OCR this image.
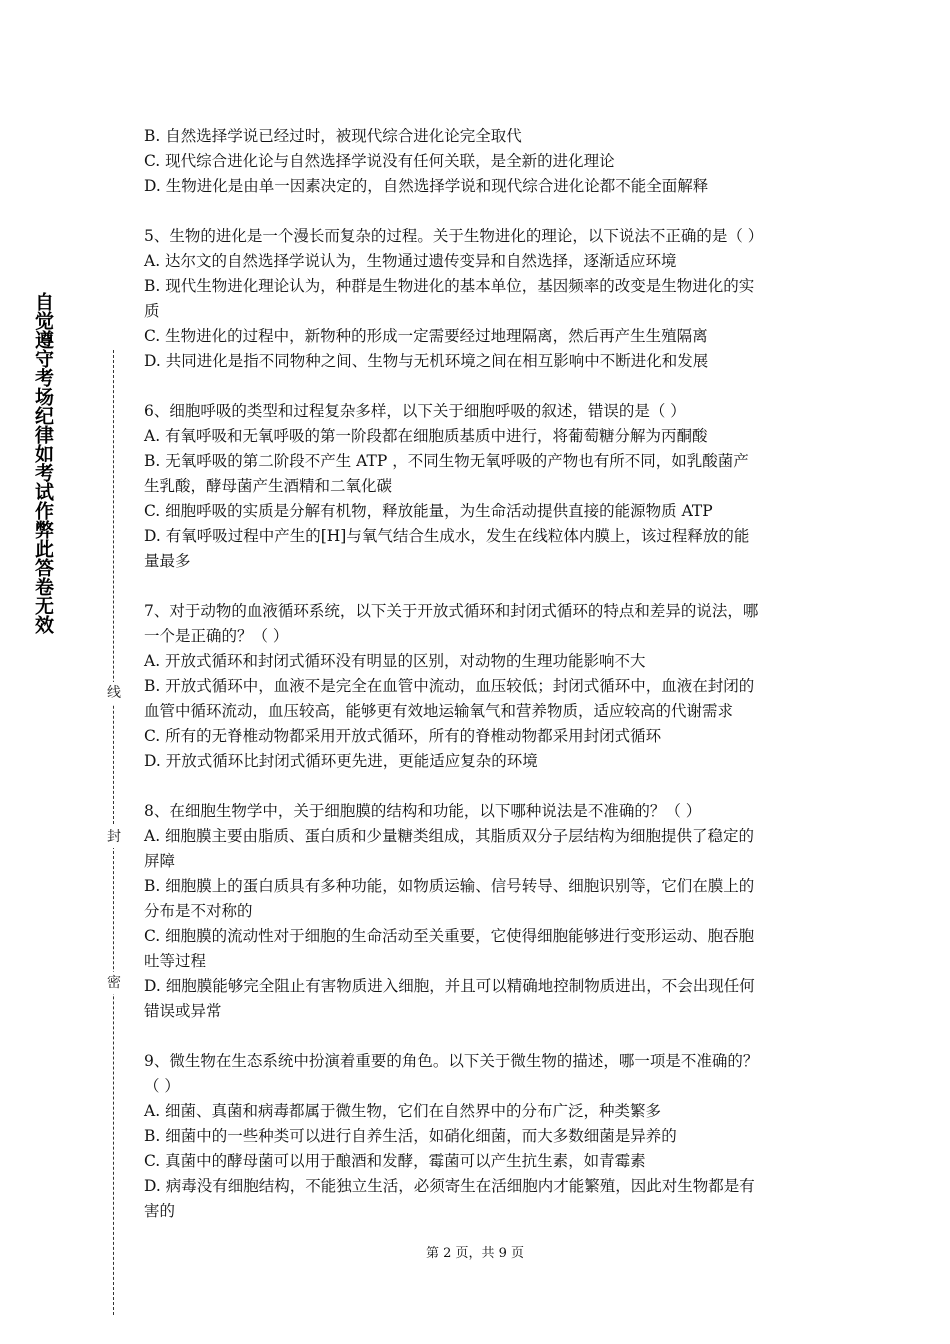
自觉遵守考场纪律如考试作弊此答卷无效
线
封
密
B. 自然选择学说已经过时，被现代综合进化论完全取代
C. 现代综合进化论与自然选择学说没有任何关联，是全新的进化理论
D. 生物进化是由单一因素决定的，自然选择学说和现代综合进化论都不能全面解释
5、生物的进化是一个漫长而复杂的过程。关于生物进化的理论，以下说法不正确的是（ ）
A. 达尔文的自然选择学说认为，生物通过遗传变异和自然选择，逐渐适应环境
B. 现代生物进化理论认为，种群是生物进化的基本单位，基因频率的改变是生物进化的实
质
C. 生物进化的过程中，新物种的形成一定需要经过地理隔离，然后再产生生殖隔离
D. 共同进化是指不同物种之间、生物与无机环境之间在相互影响中不断进化和发展
6、细胞呼吸的类型和过程复杂多样，以下关于细胞呼吸的叙述，错误的是（ ）
A. 有氧呼吸和无氧呼吸的第一阶段都在细胞质基质中进行，将葡萄糖分解为丙酮酸
B. 无氧呼吸的第二阶段不产生 ATP ，不同生物无氧呼吸的产物也有所不同，如乳酸菌产
生乳酸，酵母菌产生酒精和二氧化碳
C. 细胞呼吸的实质是分解有机物，释放能量，为生命活动提供直接的能源物质 ATP
D. 有氧呼吸过程中产生的[H]与氧气结合生成水，发生在线粒体内膜上，该过程释放的能
量最多
7、对于动物的血液循环系统，以下关于开放式循环和封闭式循环的特点和差异的说法，哪
一个是正确的？（ ）
A. 开放式循环和封闭式循环没有明显的区别，对动物的生理功能影响不大
B. 开放式循环中，血液不是完全在血管中流动，血压较低；封闭式循环中，血液在封闭的
血管中循环流动，血压较高，能够更有效地运输氧气和营养物质，适应较高的代谢需求
C. 所有的无脊椎动物都采用开放式循环，所有的脊椎动物都采用封闭式循环
D. 开放式循环比封闭式循环更先进，更能适应复杂的环境
8、在细胞生物学中，关于细胞膜的结构和功能，以下哪种说法是不准确的？（ ）
A. 细胞膜主要由脂质、蛋白质和少量糖类组成，其脂质双分子层结构为细胞提供了稳定的
屏障
B. 细胞膜上的蛋白质具有多种功能，如物质运输、信号转导、细胞识别等，它们在膜上的
分布是不对称的
C. 细胞膜的流动性对于细胞的生命活动至关重要，它使得细胞能够进行变形运动、胞吞胞
吐等过程
D. 细胞膜能够完全阻止有害物质进入细胞，并且可以精确地控制物质进出，不会出现任何
错误或异常
9、微生物在生态系统中扮演着重要的角色。以下关于微生物的描述，哪一项是不准确的？
（ ）
A. 细菌、真菌和病毒都属于微生物，它们在自然界中的分布广泛，种类繁多
B. 细菌中的一些种类可以进行自养生活，如硝化细菌，而大多数细菌是异养的
C. 真菌中的酵母菌可以用于酿酒和发酵，霉菌可以产生抗生素，如青霉素
D. 病毒没有细胞结构，不能独立生活，必须寄生在活细胞内才能繁殖，因此对生物都是有
害的
第 2 页，共 9 页
